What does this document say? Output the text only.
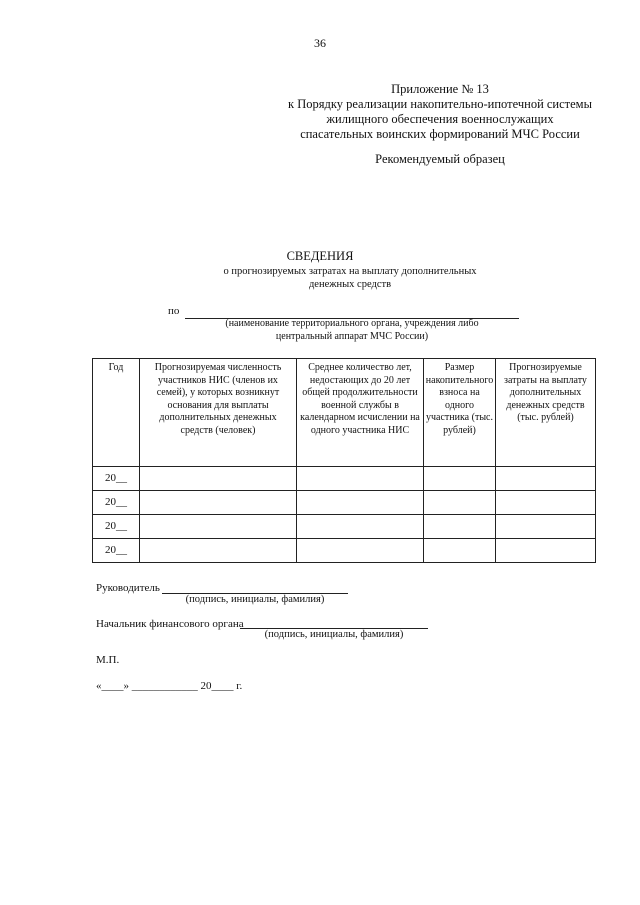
36
Приложение № 13
к Порядку реализации накопительно-ипотечной системы
жилищного обеспечения военнослужащих
спасательных воинских формирований МЧС России
Рекомендуемый образец
СВЕДЕНИЯ
о прогнозируемых затратах на выплату дополнительных
денежных средств
по
(наименование территориального органа, учреждения либо
центральный аппарат МЧС России)
Год	Прогнозируемая численность участников НИС (членов их семей), у которых возникнут основания для выплаты дополнительных денежных средств (человек)	Среднее количество лет, недостающих до 20 лет общей продолжительности военной службы в календарном исчислении на одного участника НИС	Размер накопительного взноса на одного участника (тыс. рублей)	Прогнозируемые затраты на выплату дополнительных денежных средств (тыс. рублей)
20__				
20__				
20__				
20__				
Руководитель
(подпись, инициалы, фамилия)
Начальник финансового органа
(подпись, инициалы, фамилия)
М.П.
«____» ____________ 20____ г.
